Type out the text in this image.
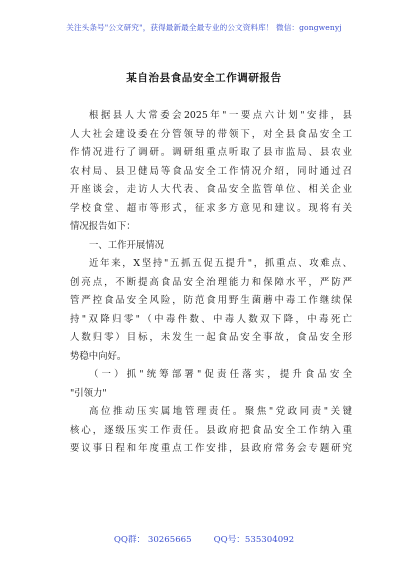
关注头条号"公文研究"，获得最新最全最专业的公文资料库！ 微信：gongwenyj
某自治县食品安全工作调研报告
根据县人大常委会2025年"一要点六计划"安排，县
人大社会建设委在分管领导的带领下，对全县食品安全工
作情况进行了调研。调研组重点听取了县市监局、县农业
农村局、县卫健局等食品安全工作情况介绍，同时通过召
开座谈会，走访人大代表、食品安全监管单位、相关企业
学校食堂、超市等形式，征求多方意见和建议。现将有关
情况报告如下：
一、工作开展情况
近年来，X坚持"五抓五促五提升"，抓重点、攻难点、
创亮点，不断提高食品安全治理能力和保障水平，严防严
管严控食品安全风险，防范食用野生菌蘑中毒工作继续保
持"双降归零"（中毒件数、中毒人数双下降，中毒死亡
人数归零）目标，未发生一起食品安全事故，食品安全形
势稳中向好。
（一）抓"统筹部署"促责任落实，提升食品安全
"引领力"
高位推动压实属地管理责任。聚焦"党政同责"关键
核心，逐级压实工作责任。县政府把食品安全工作纳入重
要议事日程和年度重点工作安排，县政府常务会专题研究
QQ群： 30265665	QQ号：535304092
